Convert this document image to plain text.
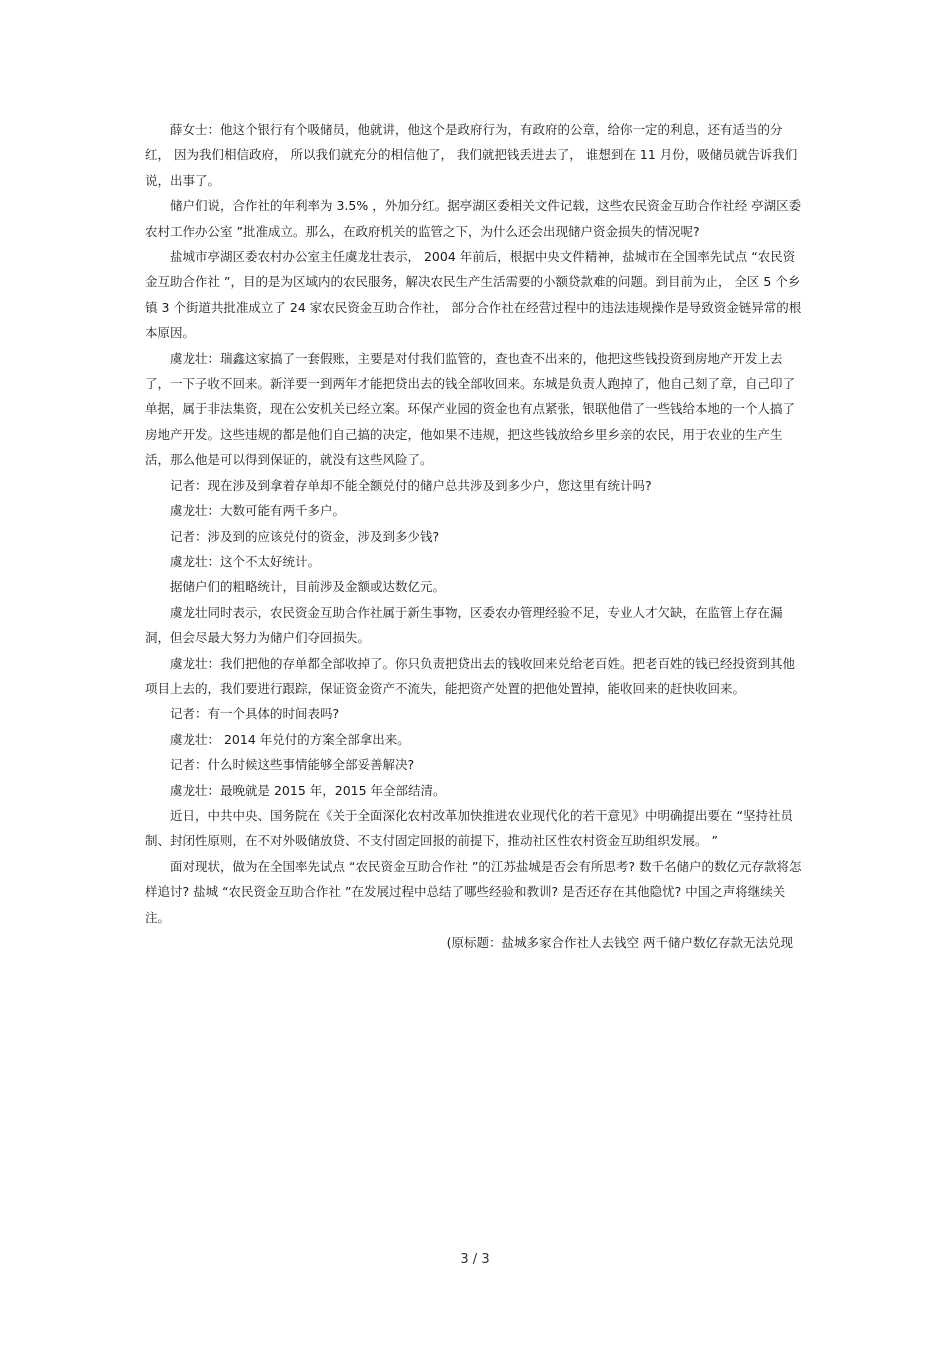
薛女士：他这个银行有个吸储员，他就讲，他这个是政府行为，有政府的公章，给你一定的利息，还有适当的分红， 因为我们相信政府， 所以我们就充分的相信他了， 我们就把钱丢进去了， 谁想到在 11 月份，吸储员就告诉我们说，出事了。

储户们说，合作社的年利率为 3.5% ，外加分红。据亭湖区委相关文件记载，这些农民资金互助合作社经 亭湖区委农村工作办公室 ”批准成立。那么，在政府机关的监管之下，为什么还会出现储户资金损失的情况呢?

盐城市亭湖区委农村办公室主任虞龙壮表示， 2004 年前后，根据中央文件精神，盐城市在全国率先试点 “农民资金互助合作社 ”，目的是为区域内的农民服务，解决农民生产生活需要的小额贷款难的问题。到目前为止， 全区 5 个乡镇 3 个街道共批准成立了 24 家农民资金互助合作社， 部分合作社在经营过程中的违法违规操作是导致资金链异常的根本原因。

虞龙壮：瑞鑫这家搞了一套假账，主要是对付我们监管的，查也查不出来的，他把这些钱投资到房地产开发上去了，一下子收不回来。新洋要一到两年才能把贷出去的钱全部收回来。东城是负责人跑掉了，他自己刻了章，自己印了单据，属于非法集资，现在公安机关已经立案。环保产业园的资金也有点紧张，银联他借了一些钱给本地的一个人搞了房地产开发。这些违规的都是他们自己搞的决定，他如果不违规，把这些钱放给乡里乡亲的农民，用于农业的生产生活，那么他是可以得到保证的，就没有这些风险了。

记者：现在涉及到拿着存单却不能全额兑付的储户总共涉及到多少户，您这里有统计吗?

虞龙壮：大数可能有两千多户。

记者：涉及到的应该兑付的资金，涉及到多少钱?

虞龙壮：这个不太好统计。

据储户们的粗略统计，目前涉及金额或达数亿元。

虞龙壮同时表示，农民资金互助合作社属于新生事物，区委农办管理经验不足，专业人才欠缺，在监管上存在漏洞，但会尽最大努力为储户们夺回损失。

虞龙壮：我们把他的存单都全部收掉了。你只负责把贷出去的钱收回来兑给老百姓。把老百姓的钱已经投资到其他项目上去的，我们要进行跟踪，保证资金资产不流失，能把资产处置的把他处置掉，能收回来的赶快收回来。

记者：有一个具体的时间表吗?

虞龙壮： 2014 年兑付的方案全部拿出来。

记者：什么时候这些事情能够全部妥善解决?

虞龙壮：最晚就是 2015 年，2015 年全部结清。

近日，中共中央、国务院在《关于全面深化农村改革加快推进农业现代化的若干意见》中明确提出要在 “坚持社员制、封闭性原则，在不对外吸储放贷、不支付固定回报的前提下，推动社区性农村资金互助组织发展。 ”

面对现状，做为在全国率先试点 “农民资金互助合作社 ”的江苏盐城是否会有所思考? 数千名储户的数亿元存款将怎样追讨? 盐城 “农民资金互助合作社 ”在发展过程中总结了哪些经验和教训? 是否还存在其他隐忧? 中国之声将继续关注。

(原标题：盐城多家合作社人去钱空 两千储户数亿存款无法兑现

3 / 3
